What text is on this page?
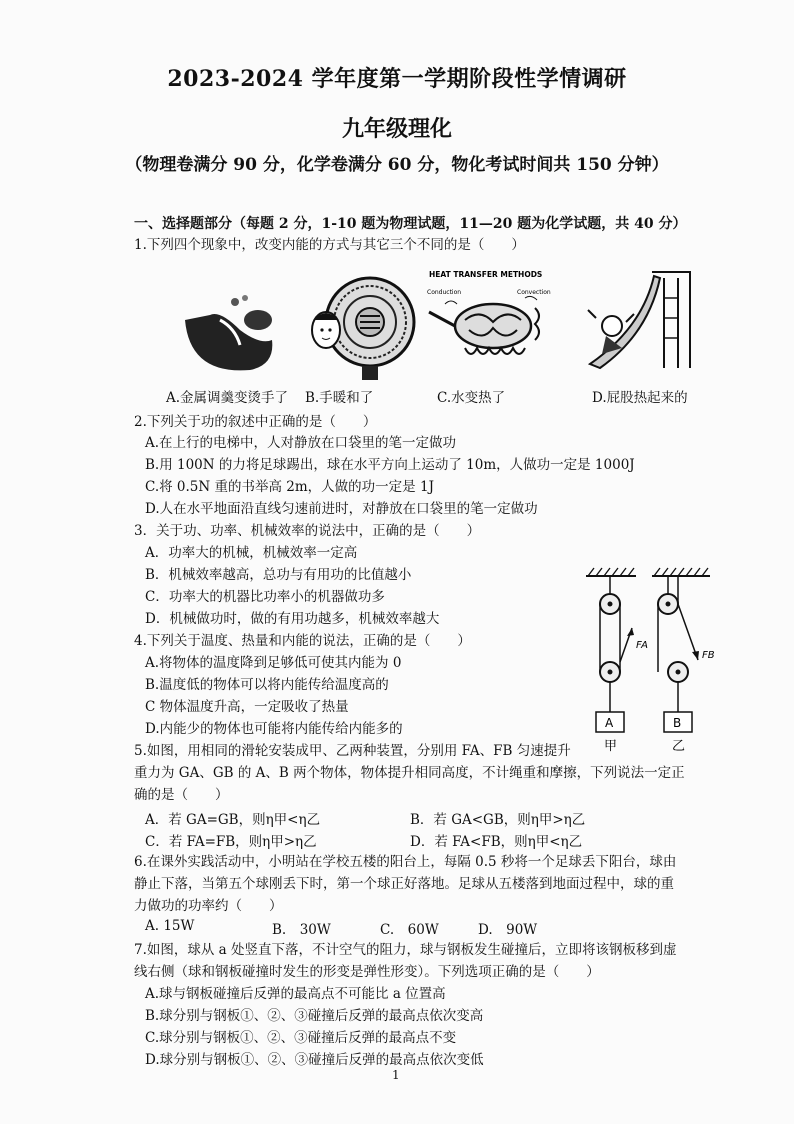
2023-2024 学年度第一学期阶段性学情调研
九年级理化
（物理卷满分 90 分，化学卷满分 60 分，物化考试时间共 150 分钟）
一、选择题部分（每题 2 分，1-10 题为物理试题，11—20 题为化学试题，共 40 分）
1.下列四个现象中，改变内能的方式与其它三个不同的是（　　）
HEAT TRANSFER METHODS
Conduction	Convection
A.金属调羹变烫手了 B.手暖和了	C.水变热了	D.屁股热起来的
2.下列关于功的叙述中正确的是（　　）
A.在上行的电梯中，人对静放在口袋里的笔一定做功
B.用 100N 的力将足球踢出，球在水平方向上运动了 10m，人做功一定是 1000J
C.将 0.5N 重的书举高 2m，人做的功一定是 1J
D.人在水平地面沿直线匀速前进时，对静放在口袋里的笔一定做功
3．关于功、功率、机械效率的说法中，正确的是（　　）
A．功率大的机械，机械效率一定高
B．机械效率越高，总功与有用功的比值越小
C．功率大的机器比功率小的机器做功多
D．机械做功时，做的有用功越多，机械效率越大
4.下列关于温度、热量和内能的说法，正确的是（　　）
A.将物体的温度降到足够低可使其内能为 0
B.温度低的物体可以将内能传给温度高的
C 物体温度升高，一定吸收了热量
D.内能少的物体也可能将内能传给内能多的
FA
A
甲
FB
B
乙
5.如图，用相同的滑轮安装成甲、乙两种装置，分别用 FA、FB 匀速提升
重力为 GA、GB 的 A、B 两个物体，物体提升相同高度，不计绳重和摩擦，下列说法一定正
确的是（　　）
A．若 GA=GB，则η甲<η乙	B．若 GA<GB，则η甲>η乙
C．若 FA=FB，则η甲>η乙	D．若 FA<FB，则η甲<η乙
6.在课外实践活动中，小明站在学校五楼的阳台上，每隔 0.5 秒将一个足球丢下阳台，球由
静止下落，当第五个球刚丢下时，第一个球正好落地。足球从五楼落到地面过程中，球的重
力做功的功率约（　　）
A. 15W	B.　30W	C.　60W	D.　90W
7.如图，球从 a 处竖直下落，不计空气的阻力，球与钢板发生碰撞后，立即将该钢板移到虚
线右侧（球和钢板碰撞时发生的形变是弹性形变）。下列选项正确的是（　　）
A.球与钢板碰撞后反弹的最高点不可能比 a 位置高
B.球分别与钢板①、②、③碰撞后反弹的最高点依次变高
C.球分别与钢板①、②、③碰撞后反弹的最高点不变
D.球分别与钢板①、②、③碰撞后反弹的最高点依次变低
1
